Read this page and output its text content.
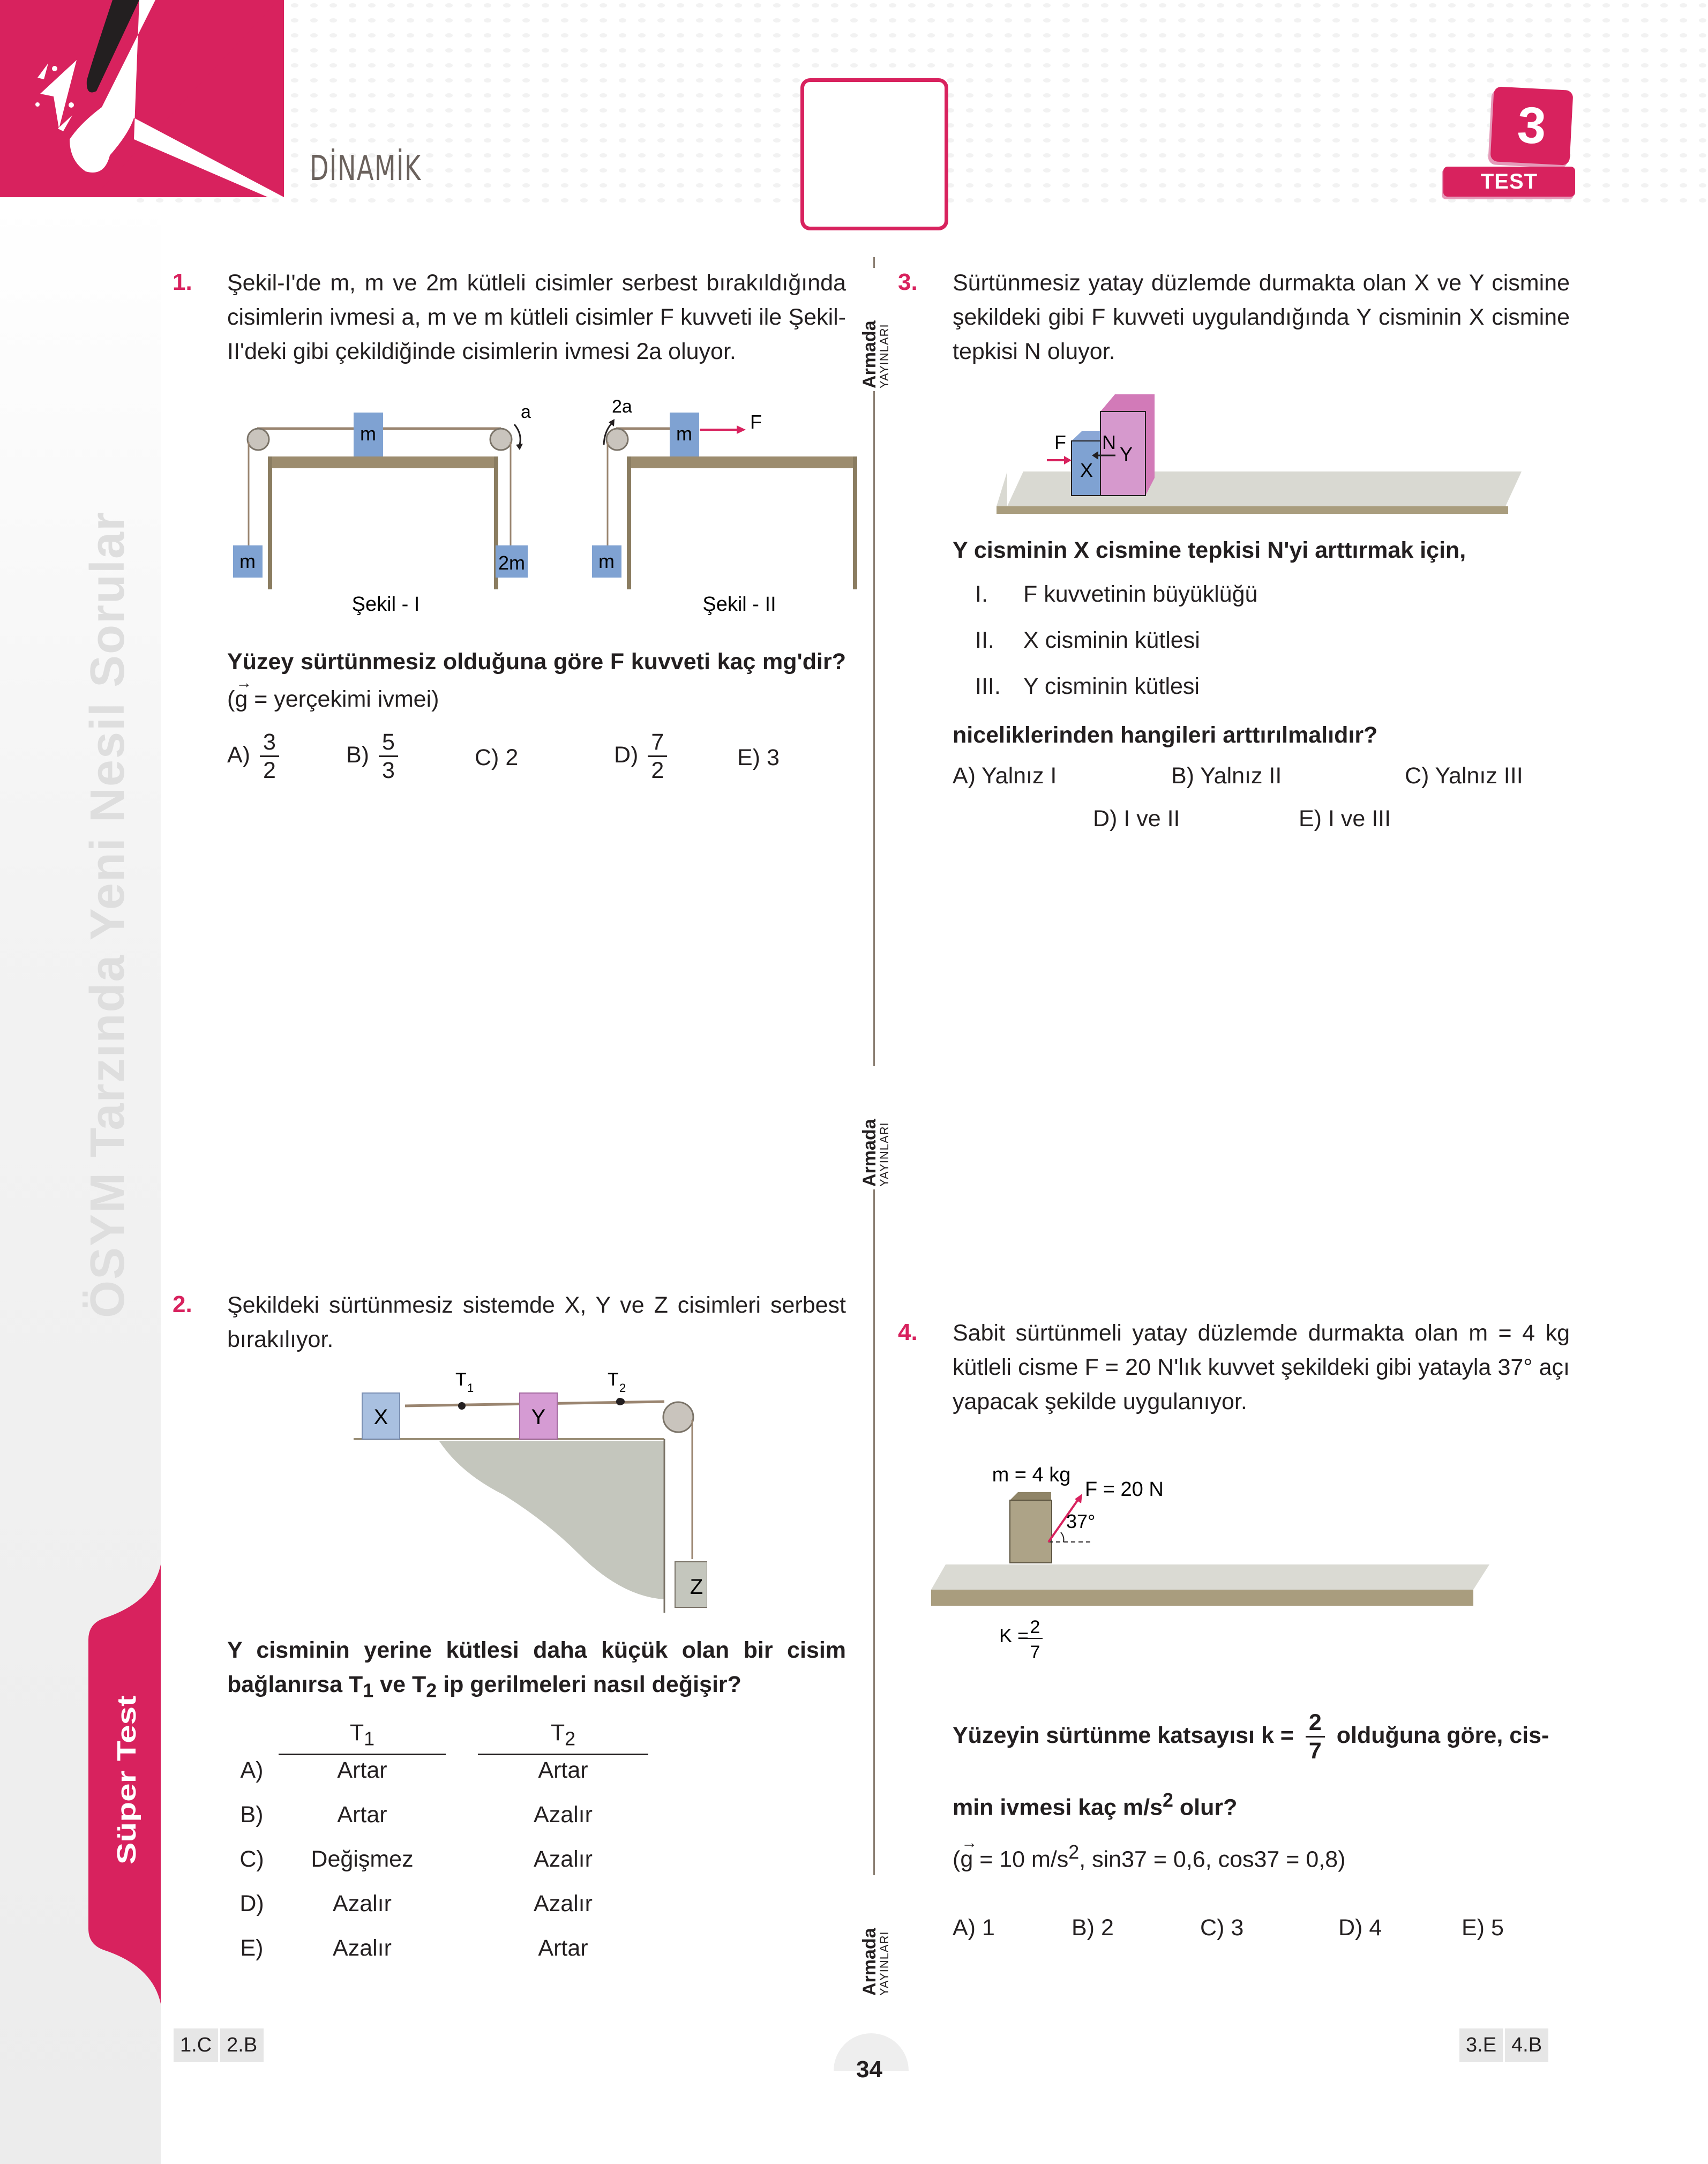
DİNAMİK
3
TEST
ÖSYM Tarzında Yeni Nesil Sorular
Süper Test
Armada
YAYINLARI
Armada
YAYINLARI
Armada
YAYINLARI
1. Şekil-I'de m, m ve 2m kütleli cisimler serbest bırakıldığında cisimlerin ivmesi a, m ve m kütleli cisimler F kuvveti ile Şekil-II'deki gibi çekildiğinde cisimlerin ivmesi 2a oluyor.
m
m	2m
a
Şekil - I
m
m
F
2a
Şekil - II
Yüzey sürtünmesiz olduğuna göre F kuvveti kaç mg'dir? (→ g = yerçekimi ivmei)
$A) \frac{3}{2}$	$B) \frac{5}{3}$	C) 2	$D) \frac{7}{2}$	E) 3
2. Şekildeki sürtünmesiz sistemde X, Y ve Z cisimleri serbest bırakılıyor.
X	Y
Z
T 1	T 2
Y cisminin yerine kütlesi daha küçük olan bir cisim
bağlanırsa $T_1$ ve $T_2$ ip gerilmeleri nasıl değişir?
$T_1$	$T_2$
A)	Artar	Artar
B)	Artar	Azalır
C)	Değişmez	Azalır
D)	Azalır	Azalır
E)	Azalır	Artar
3. Sürtünmesiz yatay düzlemde durmakta olan X ve Y cismine şekildeki gibi F kuvveti uygulandığında Y cisminin X cismine tepkisi N oluyor.
F
X
N
Y
Y cisminin X cismine tepkisi N'yi arttırmak için,
I. F kuvvetinin büyüklüğü
II. X cisminin kütlesi
III. Y cisminin kütlesi
niceliklerinden hangileri arttırılmalıdır?
A) Yalnız I	B) Yalnız II	C) Yalnız III
D) I ve II	E) I ve III
4. Sabit sürtünmeli yatay düzlemde durmakta olan m = 4 kg kütleli cisme F = 20 N'lık kuvvet şekildeki gibi yatayla 37° açı yapacak şekilde uygulanıyor.
m = 4 kg
F = 20 N
37°
K = 2
7
Yüzeyin sürtünme katsayısı $k = \frac{2}{7}$ olduğuna göre, cis-
min ivmesi kaç $m/s^2$ olur?
(→ g = 10 $m/s^2$, sin37 = 0,6, cos37 = 0,8)
A) 1	B) 2	C) 3	D) 4	E) 5
1.C 2.B	3.E 4.B
34
